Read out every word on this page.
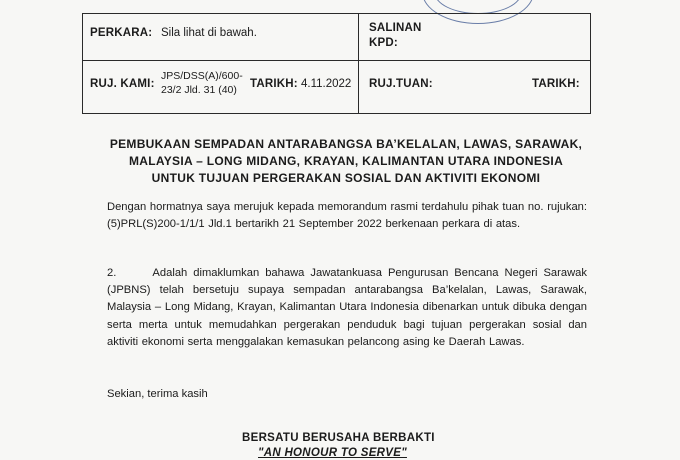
PERKARA: Sila lihat di bawah.	SALINAN
KPD:
RUJ. KAMI:
JPS/DSS(A)/600-
23/2 Jld. 31 (40) TARIKH: 4.11.2022 RUJ.TUAN:	TARIKH:
PEMBUKAAN SEMPADAN ANTARABANGSA BA’KELALAN, LAWAS, SARAWAK,
MALAYSIA – LONG MIDANG, KRAYAN, KALIMANTAN UTARA INDONESIA
UNTUK TUJUAN PERGERAKAN SOSIAL DAN AKTIVITI EKONOMI
Dengan hormatnya saya merujuk kepada memorandum rasmi terdahulu pihak tuan no. rujukan: (5)PRL(S)200-1/1/1 Jld.1 bertarikh 21 September 2022 berkenaan perkara di atas.
2.      Adalah dimaklumkan bahawa Jawatankuasa Pengurusan Bencana Negeri Sarawak (JPBNS) telah bersetuju supaya sempadan antarabangsa Ba’kelalan, Lawas, Sarawak, Malaysia – Long Midang, Krayan, Kalimantan Utara Indonesia dibenarkan untuk dibuka dengan serta merta untuk memudahkan pergerakan penduduk bagi tujuan pergerakan sosial dan aktiviti ekonomi serta menggalakan kemasukan pelancong asing ke Daerah Lawas.
Sekian, terima kasih
BERSATU BERUSAHA BERBAKTI
"AN HONOUR TO SERVE"
